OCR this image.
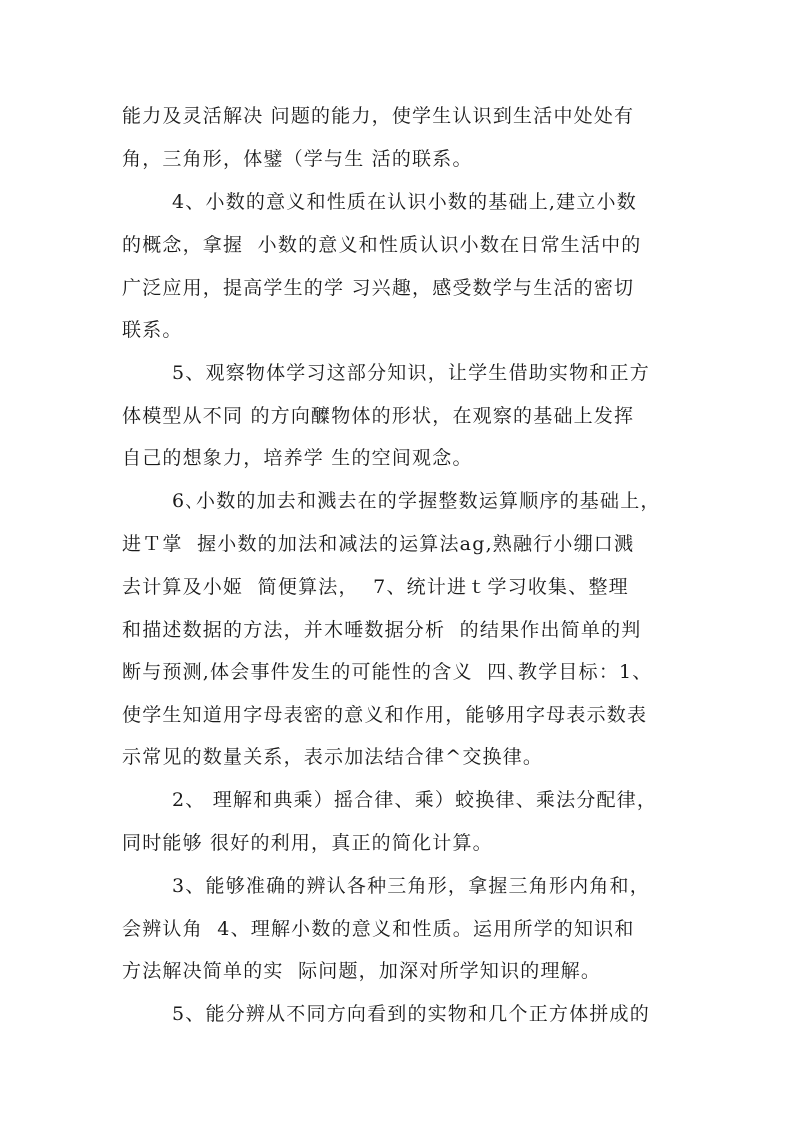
能力及灵活解决 问题的能力，使学生认识到生活中处处有
角，三角形，体鐾（学与生 活的联系。
4、小数的意义和性质在认识小数的基础上,建立小数
的概念，拿握  小数的意义和性质认识小数在日常生活中的
广泛应用，提高学生的学 习兴趣，感受数学与生活的密切
联系。
5、观察物体学习这部分知识，让学生借助实物和正方
体模型从不同 的方向醾物体的形状，在观察的基础上发挥
自己的想象力，培养学 生的空间观念。
6､小数的加去和溅去在的学握整数运算顺序的基础上，
进Ｔ掌  握小数的加法和减法的运算法ag,熟融行小绷口溅
去计算及小姬  简便算法，  7、统计进ｔ学习收集、整理
和描述数据的方法，并木唾数据分析  的结果作出简单的判
断与预测,体会事件发生的可能性的含义  四､教学目标：1、
使学生知道用字母表密的意义和作用，能够用字母表示数表
示常见的数量关系，表示加法结合律^交换律。
2、 理解和典乘）摇合律、乘）蛟换律、乘法分配律，
同时能够 很好的利用，真正的简化计算。
3、能够准确的辨认各种三角形，拿握三角形内角和，
会辨认角  4、理解小数的意义和性质。运用所学的知识和
方法解决简单的实  际问题，加深对所学知识的理解。
5、能分辨从不同方向看到的实物和几个正方体拼成的
